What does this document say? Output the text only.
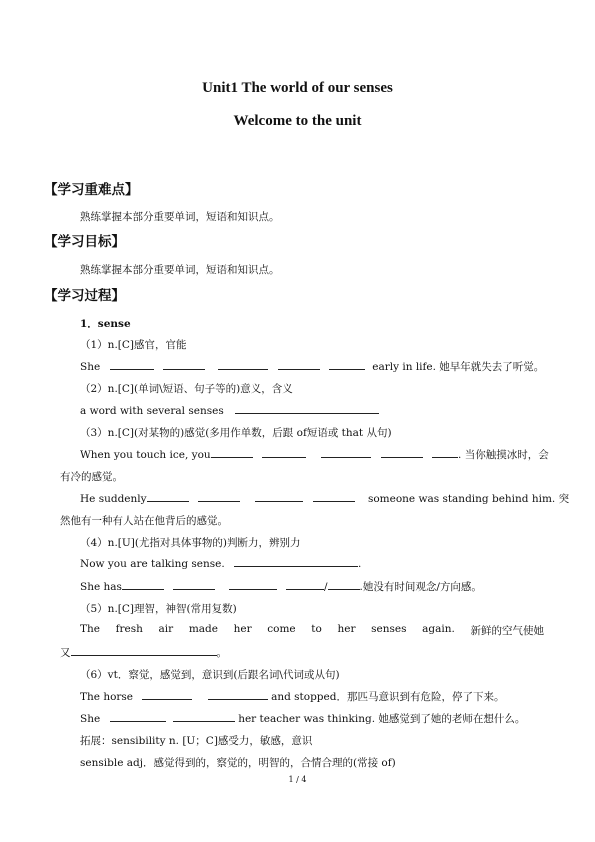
Unit1 The world of our senses
Welcome to the unit
【学习重难点】
熟练掌握本部分重要单词，短语和知识点。
【学习目标】
熟练掌握本部分重要单词，短语和知识点。
【学习过程】
1．sense
（1）n.[C]感官，官能
She	early in life. 她早年就失去了听觉。
（2）n.[C](单词\短语、句子等的)意义，含义
a word with several senses
（3）n.[C](对某物的)感觉(多用作单数，后跟 of短语或 that 从句)
When you touch ice, you	. 当你触摸冰时，会
有冷的感觉。
He suddenly	someone was standing behind him. 突
然他有一种有人站在他背后的感觉。
（4）n.[U](尤指对具体事物的)判断力，辨别力
Now you are talking sense.	.
She has	/	.她没有时间观念/方向感。
（5）n.[C]理智，神智(常用复数)
The fresh air made her come to her senses again. 新鲜的空气使她
又	。
（6）vt．察觉，感觉到，意识到(后跟名词\代词或从句)
The horse	and stopped．那匹马意识到有危险，停了下来。
She	her teacher was thinking. 她感觉到了她的老师在想什么。
拓展：sensibility n. [U；C]感受力，敏感，意识
sensible adj．感觉得到的，察觉的，明智的，合情合理的(常接 of)
1 / 4
